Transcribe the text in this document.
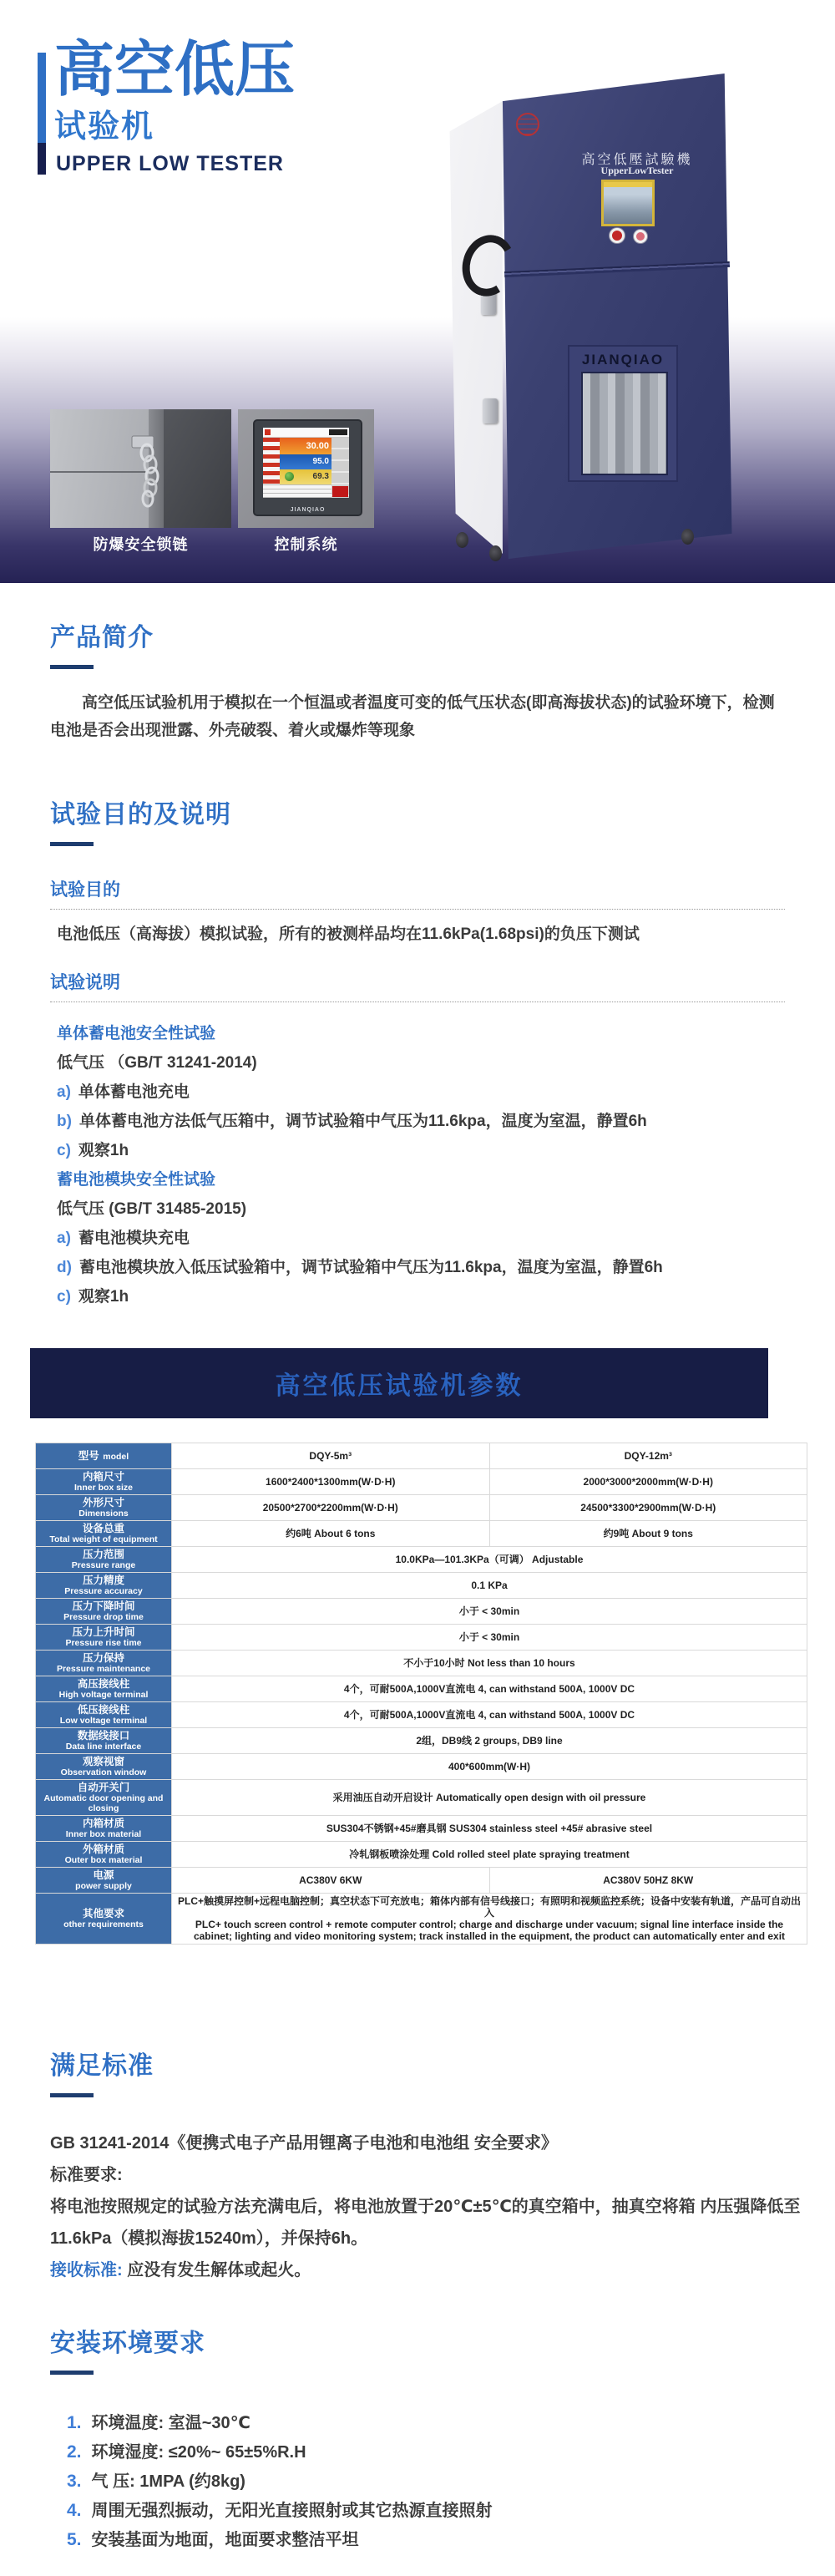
高空低压
试验机
UPPER LOW TESTER
30.00
95.0
69.3
JIANQIAO
防爆安全锁链	控制系统
高空低壓試驗機
UpperLowTester
JIANQIAO
产品简介
高空低压试验机用于模拟在一个恒温或者温度可变的低气压状态(即高海拔状态)的试验环境下，检测电池是否会出现泄露、外壳破裂、着火或爆炸等现象
试验目的及说明
试验目的
电池低压（高海拔）模拟试验，所有的被测样品均在11.6kPa(1.68psi)的负压下测试
试验说明
单体蓄电池安全性试验
低气压 （GB/T 31241-2014)
a) 单体蓄电池充电
b) 单体蓄电池方法低气压箱中，调节试验箱中气压为11.6kpa，温度为室温，静置6h
c) 观察1h
蓄电池模块安全性试验
低气压 (GB/T 31485-2015)
a) 蓄电池模块充电
d) 蓄电池模块放入低压试验箱中，调节试验箱中气压为11.6kpa，温度为室温，静置6h
c) 观察1h
高空低压试验机参数
型号 model	DQY-5m³	DQY-12m³

内箱尺寸
Inner box size	1600*2400*1300mm(W·D·H)	2000*3000*2000mm(W·D·H)

外形尺寸
Dimensions	20500*2700*2200mm(W·D·H)	24500*3300*2900mm(W·D·H)

设备总重
Total weight of equipment	约6吨 About 6 tons	约9吨 About 9 tons

压力范围
Pressure range	10.0KPa—101.3KPa（可调） Adjustable	

压力精度
Pressure accuracy	0.1 KPa	

压力下降时间
Pressure drop time	小于 < 30min	

压力上升时间
Pressure rise time	小于 < 30min	

压力保持
Pressure maintenance	不小于10小时 Not less than 10 hours	

高压接线柱
High voltage terminal	4个，可耐500A,1000V直流电 4, can withstand 500A, 1000V DC	

低压接线柱
Low voltage terminal	4个，可耐500A,1000V直流电 4, can withstand 500A, 1000V DC	

数据线接口
Data line interface	2组，DB9线 2 groups, DB9 line	

观察视窗
Observation window	400*600mm(W·H)	

自动开关门
Automatic door opening and closing	采用油压自动开启设计 Automatically open design with oil pressure	

内箱材质
Inner box material	SUS304不锈钢+45#磨具钢 SUS304 stainless steel +45# abrasive steel	

外箱材质
Outer box material	冷轧钢板喷涂处理 Cold rolled steel plate spraying treatment	

电源
power supply	AC380V 6KW	AC380V 50HZ 8KW

其他要求
other requirements	PLC+触摸屏控制+远程电脑控制；真空状态下可充放电；箱体内部有信号线接口；有照明和视频监控系统；设备中安装有轨道，产品可自动出入
PLC+ touch screen control + remote computer control; charge and discharge under vacuum; signal line interface inside the cabinet; lighting and video monitoring system; track installed in the equipment, the product can automatically enter and exit	
满足标准
GB 31241-2014《便携式电子产品用锂离子电池和电池组 安全要求》
标准要求:
将电池按照规定的试验方法充满电后，将电池放置于20℃±5℃的真空箱中，抽真空将箱 内压强降低至
11.6kPa（模拟海拔15240m），并保持6h。
接收标准: 应没有发生解体或起火。
安装环境要求
1. 环境温度: 室温~30℃
2. 环境湿度: ≤20%~ 65±5%R.H
3. 气 压: 1MPA (约8kg)
4. 周围无强烈振动，无阳光直接照射或其它热源直接照射
5. 安装基面为地面，地面要求整洁平坦
